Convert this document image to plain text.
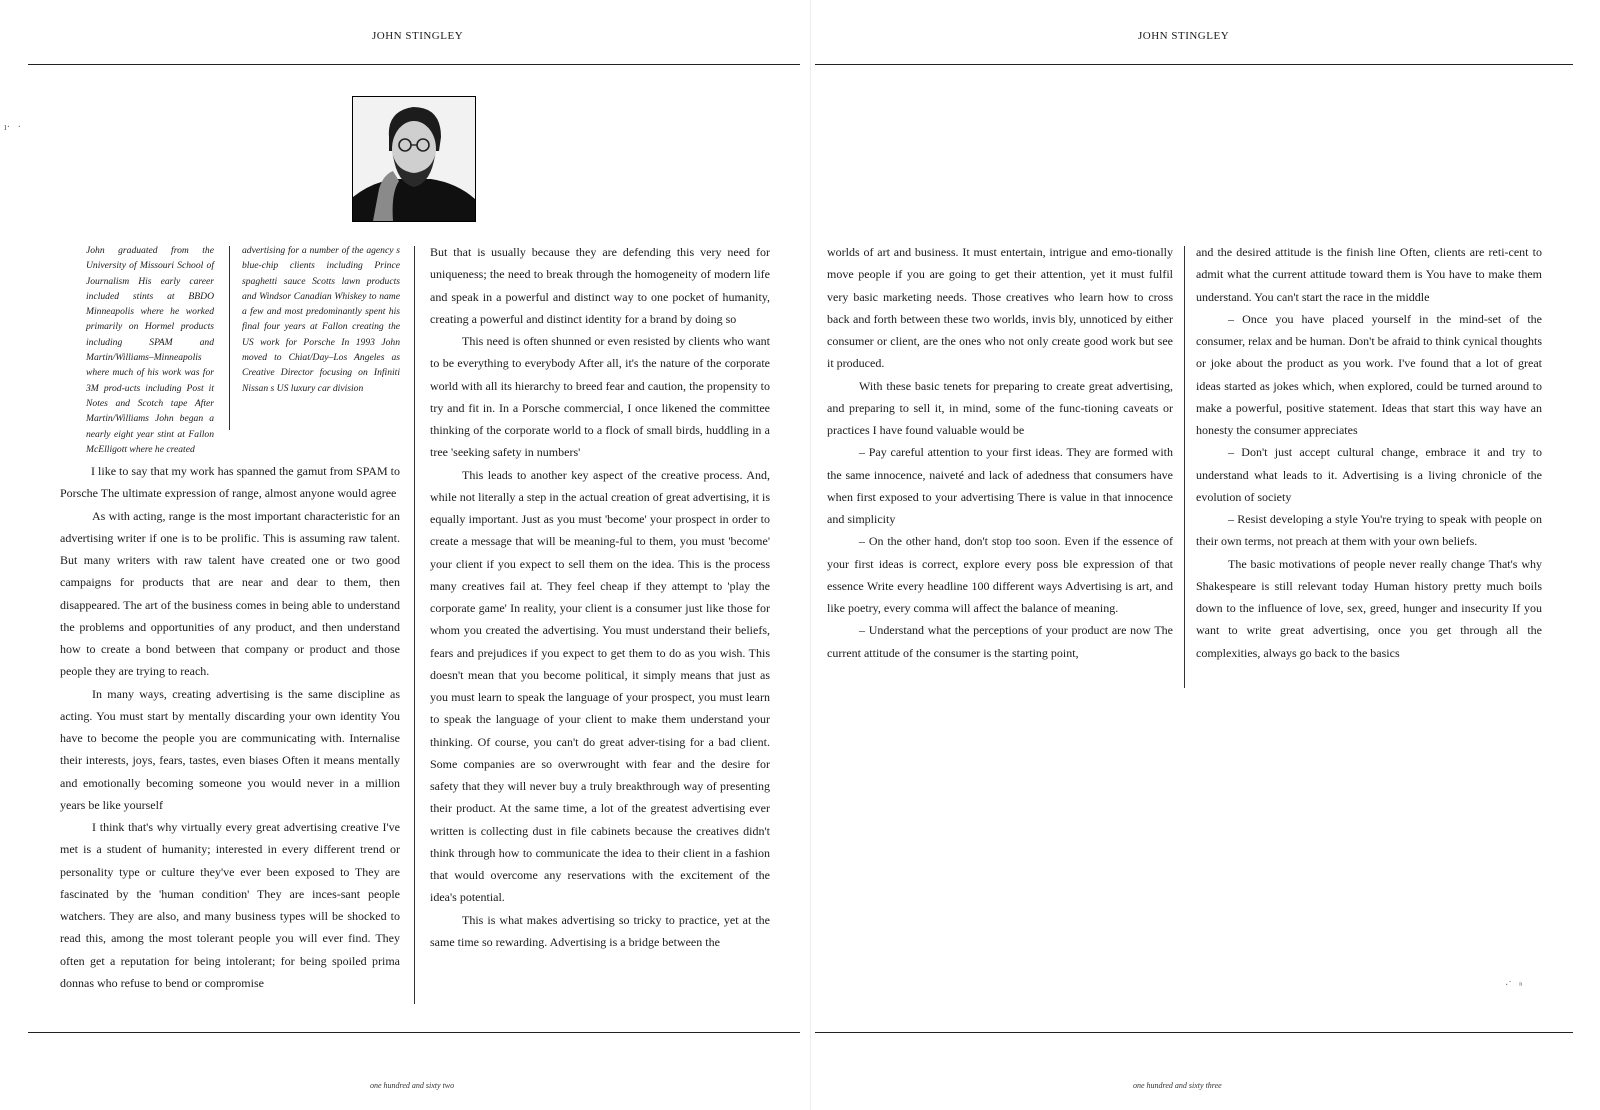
JOHN STINGLEY
ı·   ·
John graduated from the University of Missouri School of Journalism His early career included stints at BBDO Minneapolis where he worked primarily on Hormel products including SPAM and Martin/Williams–Minneapolis where much of his work was for 3M prod-ucts including Post it Notes and Scotch tape After Martin/Williams John began a nearly eight year stint at Fallon McElligott where he created
advertising for a number of the agency s blue-chip clients including Prince spaghetti sauce Scotts lawn products and Windsor Canadian Whiskey to name a few and most predominantly spent his final four years at Fallon creating the US work for Porsche In 1993 John moved to Chiat/Day–Los Angeles as Creative Director focusing on Infiniti Nissan s US luxury car division

I like to say that my work has spanned the gamut from SPAM to Porsche The ultimate expression of range, almost anyone would agree

As with acting, range is the most important characteristic for an advertising writer if one is to be prolific. This is assuming raw talent. But many writers with raw talent have created one or two good campaigns for products that are near and dear to them, then disappeared. The art of the business comes in being able to understand the problems and opportunities of any product, and then understand how to create a bond between that company or product and those people they are trying to reach.

In many ways, creating advertising is the same discipline as acting. You must start by mentally discarding your own identity You have to become the people you are communicating with. Internalise their interests, joys, fears, tastes, even biases Often it means mentally and emotionally becoming someone you would never in a million years be like yourself

I think that's why virtually every great advertising creative I've met is a student of humanity; interested in every different trend or personality type or culture they've ever been exposed to They are fascinated by the 'human condition' They are inces-sant people watchers. They are also, and many business types will be shocked to read this, among the most tolerant people you will ever find. They often get a reputation for being intolerant; for being spoiled prima donnas who refuse to bend or compromise

But that is usually because they are defending this very need for uniqueness; the need to break through the homogeneity of modern life and speak in a powerful and distinct way to one pocket of humanity, creating a powerful and distinct identity for a brand by doing so

This need is often shunned or even resisted by clients who want to be everything to everybody After all, it's the nature of the corporate world with all its hierarchy to breed fear and caution, the propensity to try and fit in. In a Porsche commercial, I once likened the committee thinking of the corporate world to a flock of small birds, huddling in a tree 'seeking safety in numbers'

This leads to another key aspect of the creative process. And, while not literally a step in the actual creation of great advertising, it is equally important. Just as you must 'become' your prospect in order to create a message that will be meaning-ful to them, you must 'become' your client if you expect to sell them on the idea. This is the process many creatives fail at. They feel cheap if they attempt to 'play the corporate game' In reality, your client is a consumer just like those for whom you created the advertising. You must understand their beliefs, fears and prejudices if you expect to get them to do as you wish. This doesn't mean that you become political, it simply means that just as you must learn to speak the language of your prospect, you must learn to speak the language of your client to make them understand your thinking. Of course, you can't do great adver-tising for a bad client. Some companies are so overwrought with fear and the desire for safety that they will never buy a truly breakthrough way of presenting their product. At the same time, a lot of the greatest advertising ever written is collecting dust in file cabinets because the creatives didn't think through how to communicate the idea to their client in a fashion that would overcome any reservations with the excitement of the idea's potential.

This is what makes advertising so tricky to practice, yet at the same time so rewarding. Advertising is a bridge between the

one hundred and sixty two
JOHN STINGLEY

worlds of art and business. It must entertain, intrigue and emo-tionally move people if you are going to get their attention, yet it must fulfil very basic marketing needs. Those creatives who learn how to cross back and forth between these two worlds, invis bly, unnoticed by either consumer or client, are the ones who not only create good work but see it produced.

With these basic tenets for preparing to create great advertising, and preparing to sell it, in mind, some of the func-tioning caveats or practices I have found valuable would be

– Pay careful attention to your first ideas. They are formed with the same innocence, naiveté and lack of adedness that consumers have when first exposed to your advertising There is value in that innocence and simplicity

– On the other hand, don't stop too soon. Even if the essence of your first ideas is correct, explore every poss ble expression of that essence Write every headline 100 different ways Advertising is art, and like poetry, every comma will affect the balance of meaning.

– Understand what the perceptions of your product are now The current attitude of the consumer is the starting point,

and the desired attitude is the finish line Often, clients are reti-cent to admit what the current attitude toward them is You have to make them understand. You can't start the race in the middle

– Once you have placed yourself in the mind-set of the consumer, relax and be human. Don't be afraid to think cynical thoughts or joke about the product as you work. I've found that a lot of great ideas started as jokes which, when explored, could be turned around to make a powerful, positive statement. Ideas that start this way have an honesty the consumer appreciates

– Don't just accept cultural change, embrace it and try to understand what leads to it. Advertising is a living chronicle of the evolution of society

– Resist developing a style You're trying to speak with people on their own terms, not preach at them with your own beliefs.

The basic motivations of people never really change That's why Shakespeare is still relevant today Human history pretty much boils down to the influence of love, sex, greed, hunger and insecurity If you want to write great advertising, once you get through all the complexities, always go back to the basics

·˙   ⁿ
one hundred and sixty three
